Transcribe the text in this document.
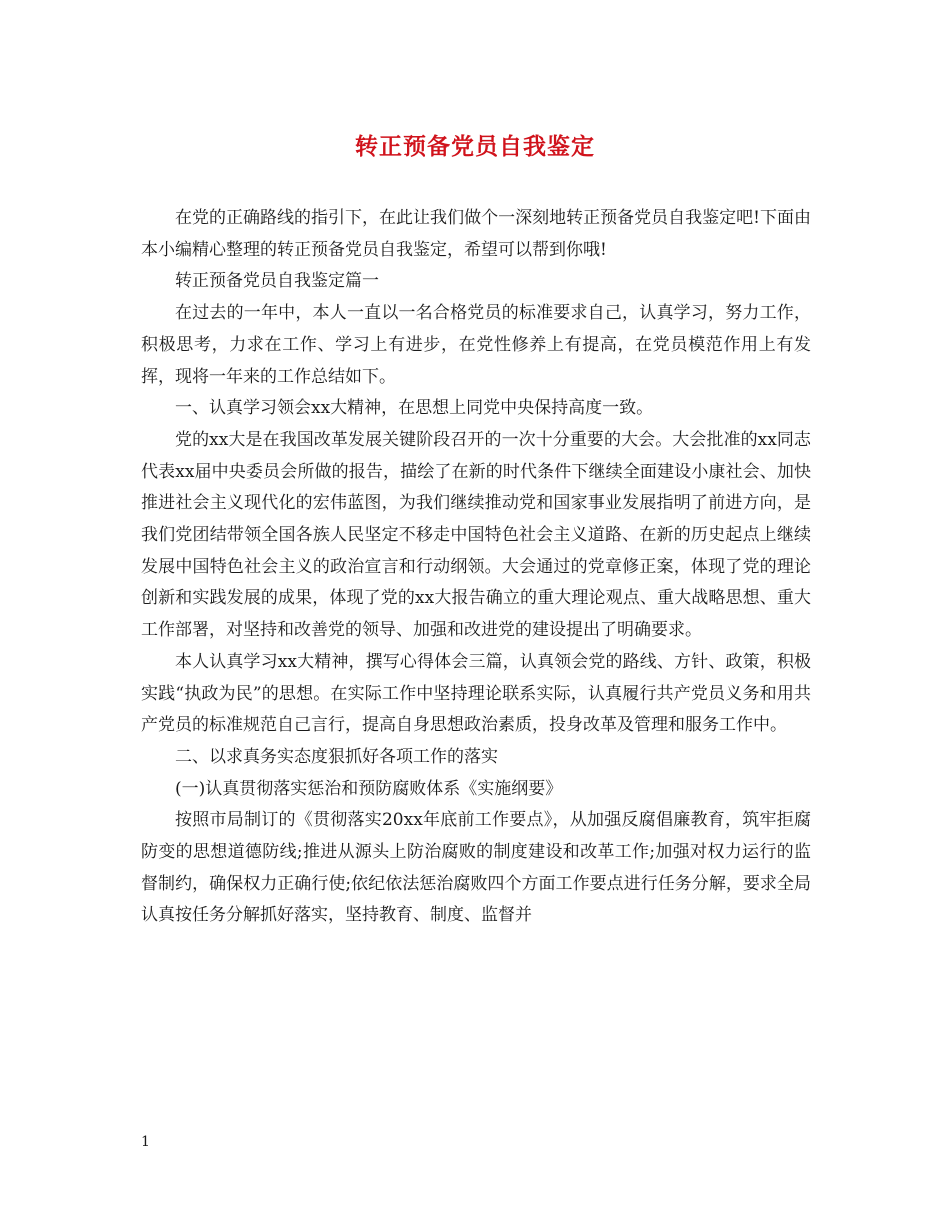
转正预备党员自我鉴定

在党的正确路线的指引下，在此让我们做个一深刻地转正预备党员自我鉴定吧!下面由本小编精心整理的转正预备党员自我鉴定，希望可以帮到你哦!

转正预备党员自我鉴定篇一

在过去的一年中，本人一直以一名合格党员的标准要求自己，认真学习，努力工作，积极思考，力求在工作、学习上有进步，在党性修养上有提高，在党员模范作用上有发挥，现将一年来的工作总结如下。

一、认真学习领会xx大精神，在思想上同党中央保持高度一致。

党的xx大是在我国改革发展关键阶段召开的一次十分重要的大会。大会批准的xx同志代表xx届中央委员会所做的报告，描绘了在新的时代条件下继续全面建设小康社会、加快推进社会主义现代化的宏伟蓝图，为我们继续推动党和国家事业发展指明了前进方向，是我们党团结带领全国各族人民坚定不移走中国特色社会主义道路、在新的历史起点上继续发展中国特色社会主义的政治宣言和行动纲领。大会通过的党章修正案，体现了党的理论创新和实践发展的成果，体现了党的xx大报告确立的重大理论观点、重大战略思想、重大工作部署，对坚持和改善党的领导、加强和改进党的建设提出了明确要求。

本人认真学习xx大精神，撰写心得体会三篇，认真领会党的路线、方针、政策，积极实践“执政为民”的思想。在实际工作中坚持理论联系实际，认真履行共产党员义务和用共产党员的标准规范自己言行，提高自身思想政治素质，投身改革及管理和服务工作中。

二、以求真务实态度狠抓好各项工作的落实

(一)认真贯彻落实惩治和预防腐败体系《实施纲要》

按照市局制订的《贯彻落实20xx年底前工作要点》，从加强反腐倡廉教育，筑牢拒腐防变的思想道德防线;推进从源头上防治腐败的制度建设和改革工作;加强对权力运行的监督制约，确保权力正确行使;依纪依法惩治腐败四个方面工作要点进行任务分解，要求全局认真按任务分解抓好落实，坚持教育、制度、监督并

1
